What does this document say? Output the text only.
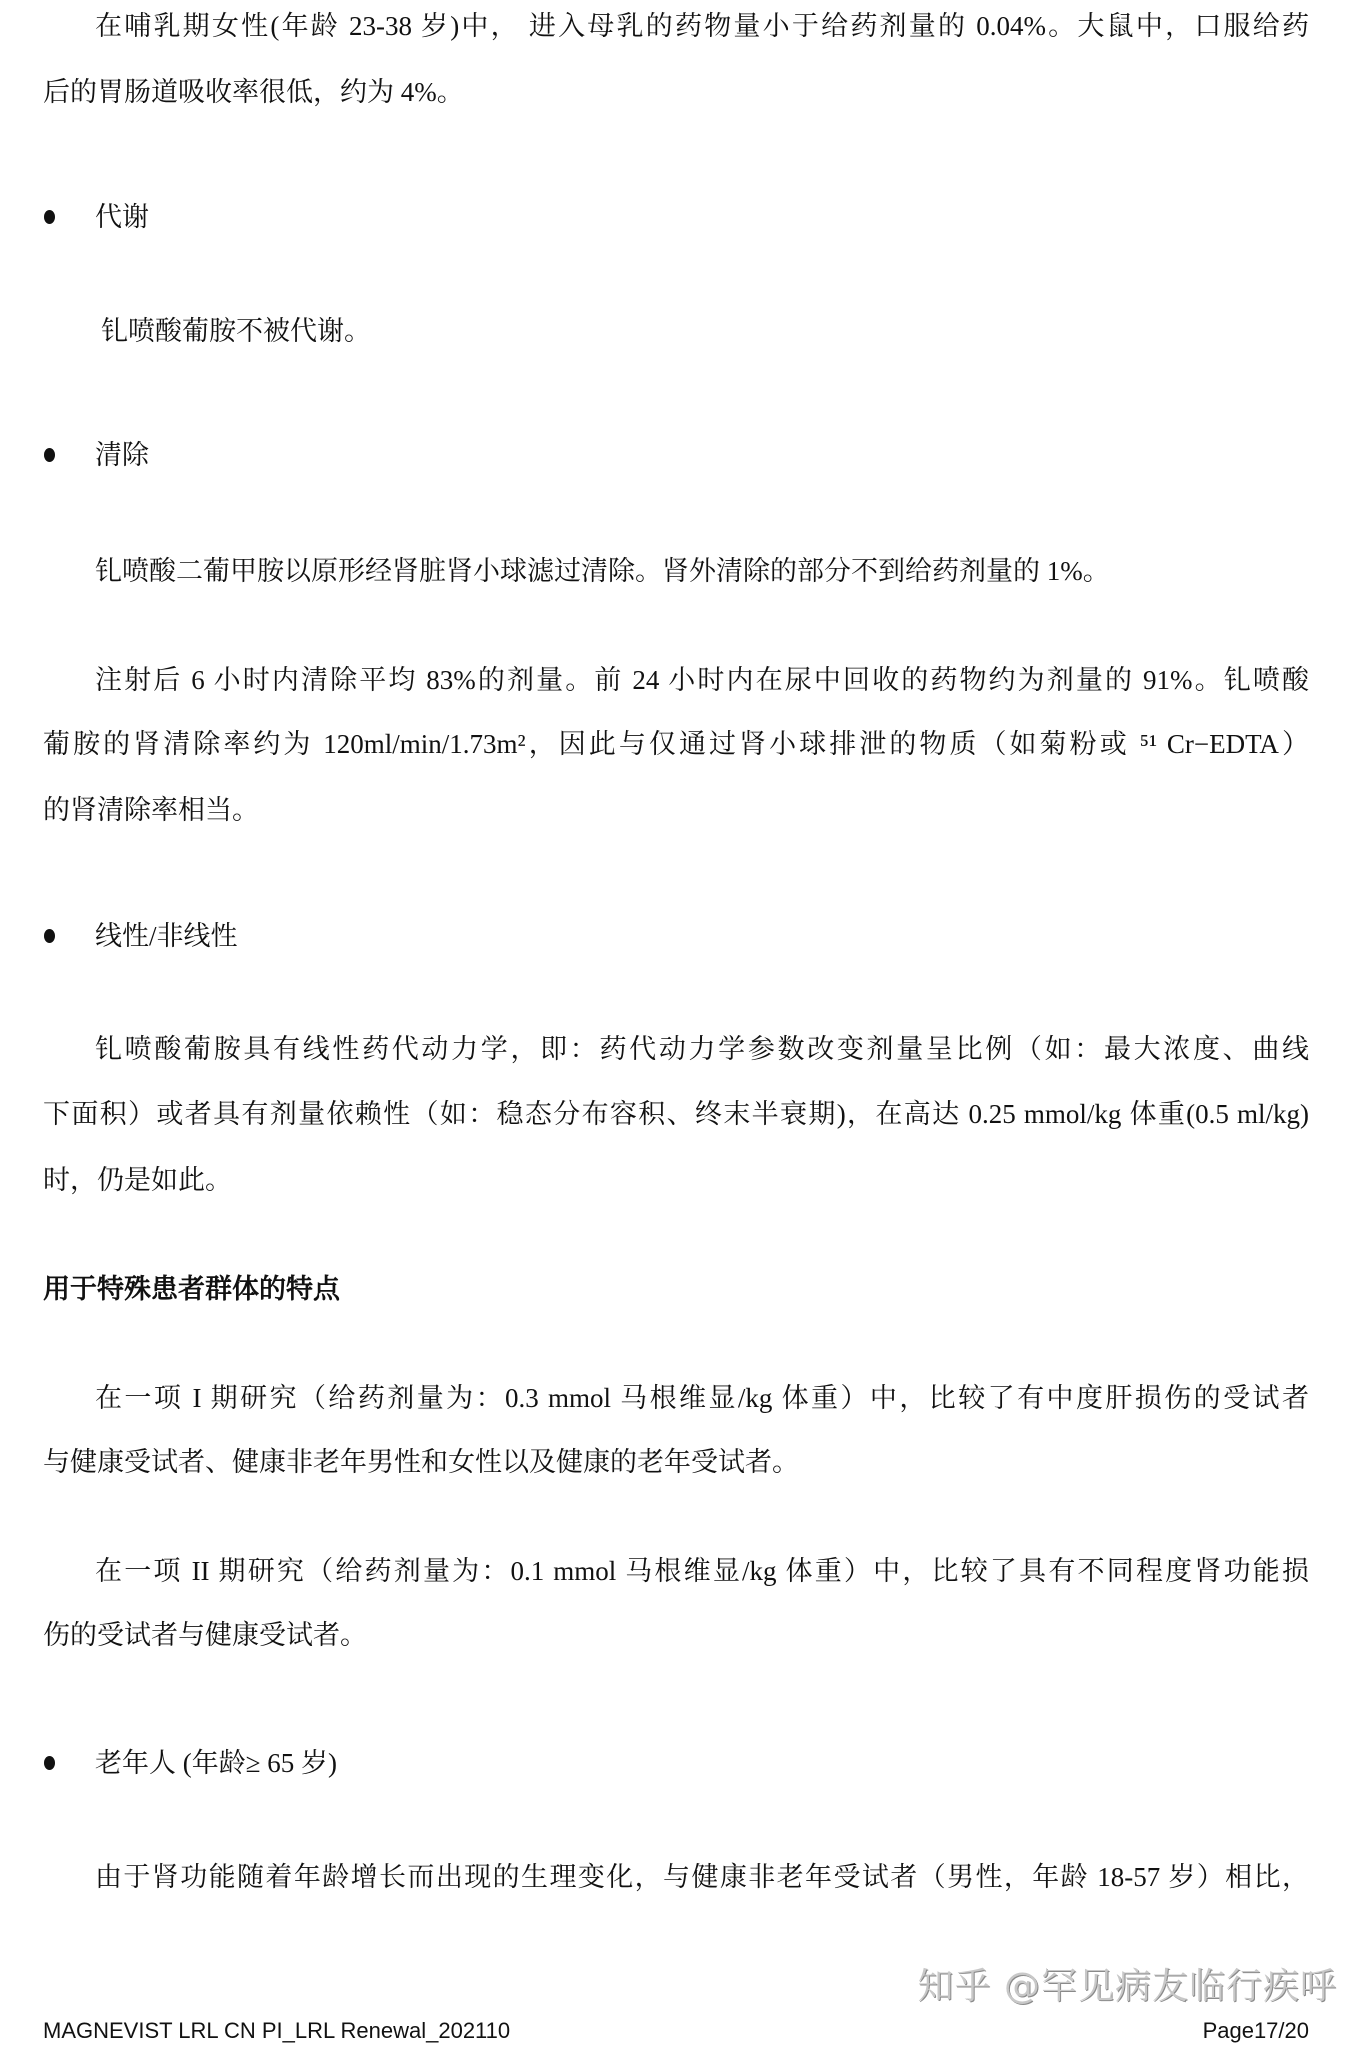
在哺乳期女性(年龄 23-38 岁)中， 进入母乳的药物量小于给药剂量的 0.04%。大鼠中，口服给药
后的胃肠道吸收率很低，约为 4%。
代谢
钆喷酸葡胺不被代谢。
清除
钆喷酸二葡甲胺以原形经肾脏肾小球滤过清除。肾外清除的部分不到给药剂量的 1%。
注射后 6 小时内清除平均 83%的剂量。前 24 小时内在尿中回收的药物约为剂量的 91%。钆喷酸
葡胺的肾清除率约为 120ml/min/1.73m²，因此与仅通过肾小球排泄的物质（如菊粉或 ⁵¹ Cr−EDTA）
的肾清除率相当。
线性/非线性
钆喷酸葡胺具有线性药代动力学，即：药代动力学参数改变剂量呈比例（如：最大浓度、曲线
下面积）或者具有剂量依赖性（如：稳态分布容积、终末半衰期)，在高达 0.25 mmol/kg 体重(0.5 ml/kg)
时，仍是如此。
用于特殊患者群体的特点
在一项 I 期研究（给药剂量为：0.3 mmol 马根维显/kg 体重）中，比较了有中度肝损伤的受试者
与健康受试者、健康非老年男性和女性以及健康的老年受试者。
在一项 II 期研究（给药剂量为：0.1 mmol 马根维显/kg 体重）中，比较了具有不同程度肾功能损
伤的受试者与健康受试者。
老年人 (年龄≥ 65 岁)
由于肾功能随着年龄增长而出现的生理变化，与健康非老年受试者（男性，年龄 18-57 岁）相比，
知乎 @罕见病友临行疾呼
MAGNEVIST LRL CN PI_LRL Renewal_202110	Page17/20
